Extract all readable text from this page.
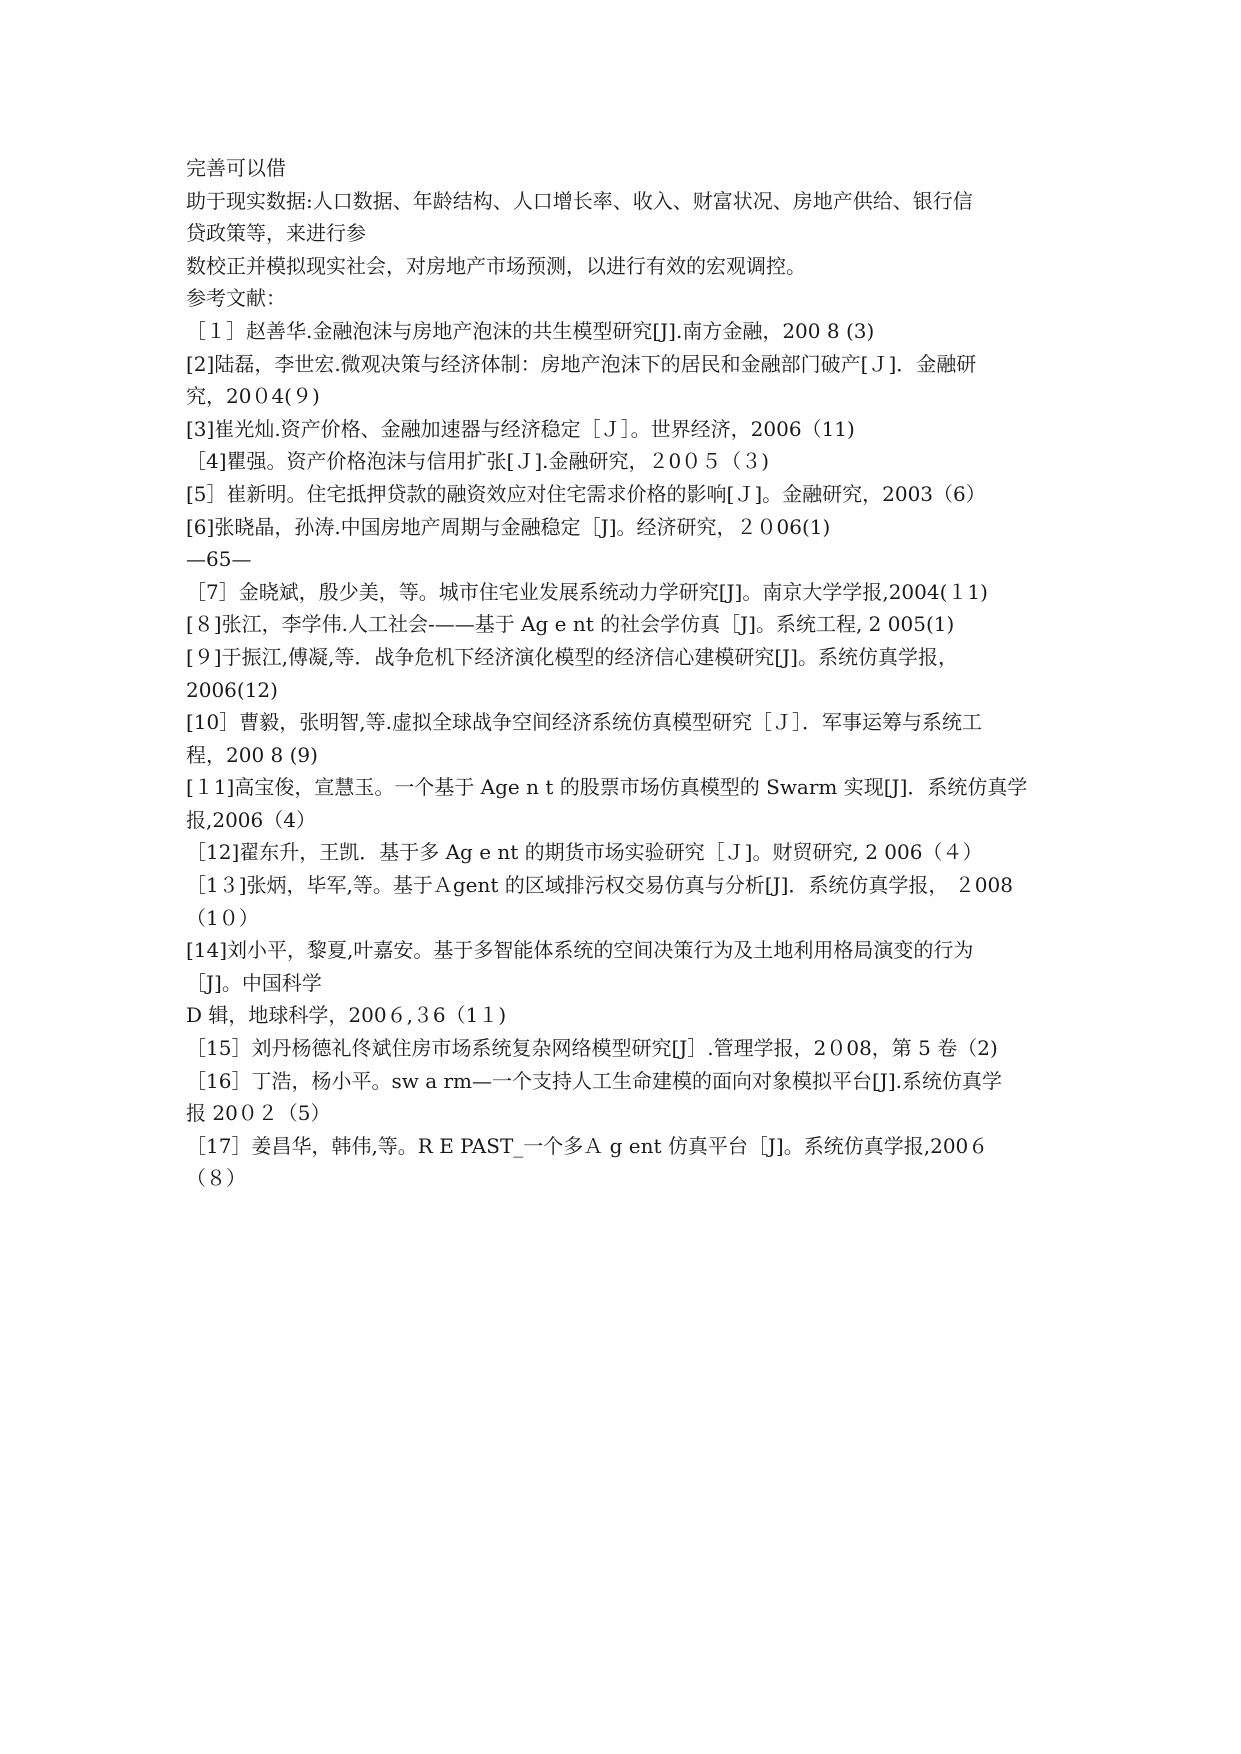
完善可以借
助于现实数据:人口数据、年龄结构、人口增长率、收入、财富状况、房地产供给、银行信
贷政策等，来进行参
数校正并模拟现实社会，对房地产市场预测，以进行有效的宏观调控。
参考文献：
［１］赵善华.金融泡沫与房地产泡沫的共生模型研究[J].南方金融，200 8 (3)
[2]陆磊，李世宏.微观决策与经济体制：房地产泡沫下的居民和金融部门破产[Ｊ]．金融研
究，20０4(９)
[3]崔光灿.资产价格、金融加速器与经济稳定［Ｊ］。世界经济，2006（11)
［4]瞿强。资产价格泡沫与信用扩张[Ｊ].金融研究，２0０５（３)
[5］崔新明。住宅抵押贷款的融资效应对住宅需求价格的影响[Ｊ]。金融研究，2003（6）
[6]张晓晶，孙涛.中国房地产周期与金融稳定［J]。经济研究，２０06(1)
—65—
［7］金晓斌，殷少美，等。城市住宅业发展系统动力学研究[J]。南京大学学报,2004(１1)
[８]张江，李学伟.人工社会-——基于 Ag e nt 的社会学仿真［J]。系统工程, 2 005(1)
[９]于振江,傅凝,等．战争危机下经济演化模型的经济信心建模研究[J]。系统仿真学报，
2006(12)
[10］曹毅，张明智,等.虚拟全球战争空间经济系统仿真模型研究［Ｊ］．军事运筹与系统工
程，200 8 (9)
[１1]高宝俊，宣慧玉。一个基于 Age n t 的股票市场仿真模型的 Swarm 实现[J]．系统仿真学
报,2006（4）
［12]翟东升，王凯．基于多 Ag e nt 的期货市场实验研究［Ｊ]。财贸研究, 2 006（４）
［1３]张炳，毕军,等。基于Ａgent 的区域排污权交易仿真与分析[J]．系统仿真学报， ２008
（1０）
[14]刘小平，黎夏,叶嘉安。基于多智能体系统的空间决策行为及土地利用格局演变的行为
［J]。中国科学
D 辑，地球科学，200６,３6（1１)
［15］刘丹杨德礼佟斌住房市场系统复杂网络模型研究[J］.管理学报，2０08，第 5 卷（2)
［16］丁浩，杨小平。sw a rm—一个支持人工生命建模的面向对象模拟平台[J].系统仿真学
报 20０２（5）
［17］姜昌华，韩伟,等。R E PAST_一个多Ａ g ent 仿真平台［J]。系统仿真学报,200６
（８）
